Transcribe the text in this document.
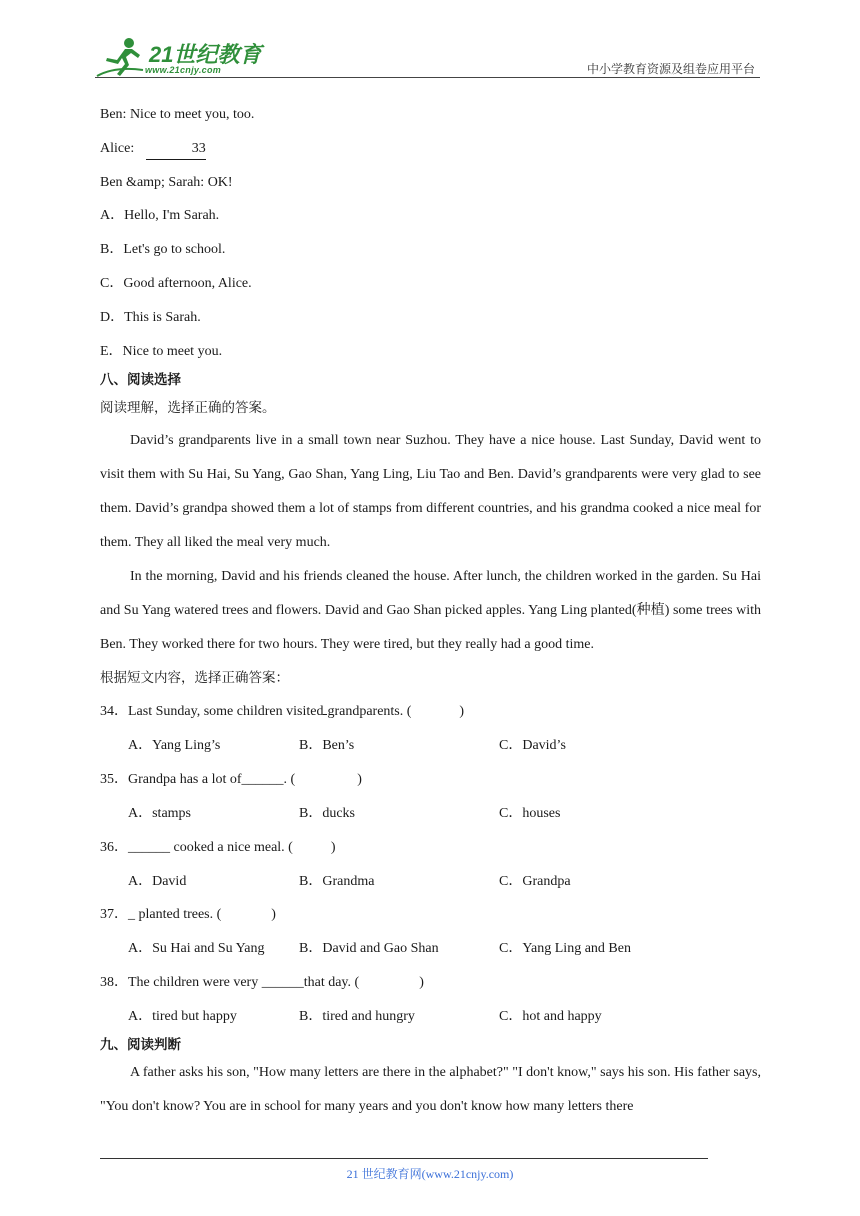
21世纪教育
www.21cnjy.com	中小学教育资源及组卷应用平台
Ben: Nice to meet you, too.
Alice:	33
Ben &amp; Sarah: OK!
A．Hello, I'm Sarah.
B．Let's go to school.
C．Good afternoon, Alice.
D．This is Sarah.
E．Nice to meet you.
八、阅读选择
阅读理解，选择正确的答案。
David’s grandparents live in a small town near Suzhou. They have a nice house. Last Sunday, David went to visit them with Su Hai, Su Yang, Gao Shan, Yang Ling, Liu Tao and Ben. David’s grandparents were very glad to see them. David’s grandpa showed them a lot of stamps from different countries, and his grandma cooked a nice meal for them. They all liked the meal very much.
In the morning, David and his friends cleaned the house. After lunch, the children worked in the garden. Su Hai and Su Yang watered trees and flowers. David and Gao Shan picked apples. Yang Ling planted(种植) some trees with Ben. They worked there for two hours. They were tired, but they really had a good time.
根据短文内容，选择正确答案：
34．Last Sunday, some children visited grandparents. (	)
A．Yang Ling’s	B．Ben’s	C．David’s
35．Grandpa has a lot of______. (	)
A．stamps	B．ducks	C．houses
36．______ cooked a nice meal. (	)
A．David	B．Grandma	C．Grandpa
37．_ planted trees. (	)
A．Su Hai and Su Yang B．David and Gao Shan	C．Yang Ling and Ben
38．The children were very ______that day. (	)
A．tired but happy	B．tired and hungry	C．hot and happy
九、阅读判断
A father asks his son, "How many letters are there in the alphabet?" "I don't know," says his son. His father says, "You don't know? You are in school for many years and you don't know how many letters there
21 世纪教育网(www.21cnjy.com)
